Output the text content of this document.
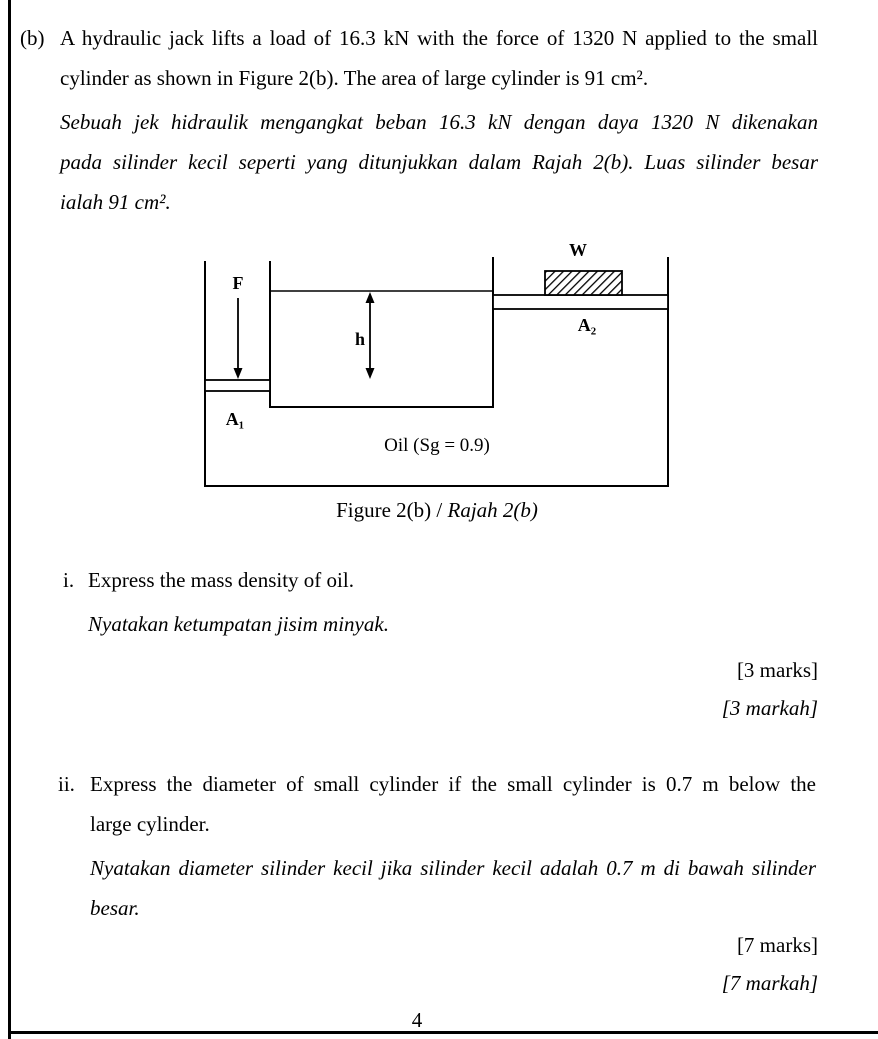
(b) A hydraulic jack lifts a load of 16.3 kN with the force of 1320 N applied to the small
cylinder as shown in Figure 2(b). The area of large cylinder is 91 cm².
Sebuah jek hidraulik mengangkat beban 16.3 kN dengan daya 1320 N dikenakan
pada silinder kecil seperti yang ditunjukkan dalam Rajah 2(b). Luas silinder besar
ialah 91 cm².
F
W
h
A₁
A₂
Oil (Sg = 0.9)
Figure 2(b) / Rajah 2(b)
i. Express the mass density of oil.
Nyatakan ketumpatan jisim minyak.
[3 marks]
[3 markah]
ii. Express the diameter of small cylinder if the small cylinder is 0.7 m below the
large cylinder.
Nyatakan diameter silinder kecil jika silinder kecil adalah 0.7 m di bawah silinder
besar.
[7 marks]
[7 markah]
4
